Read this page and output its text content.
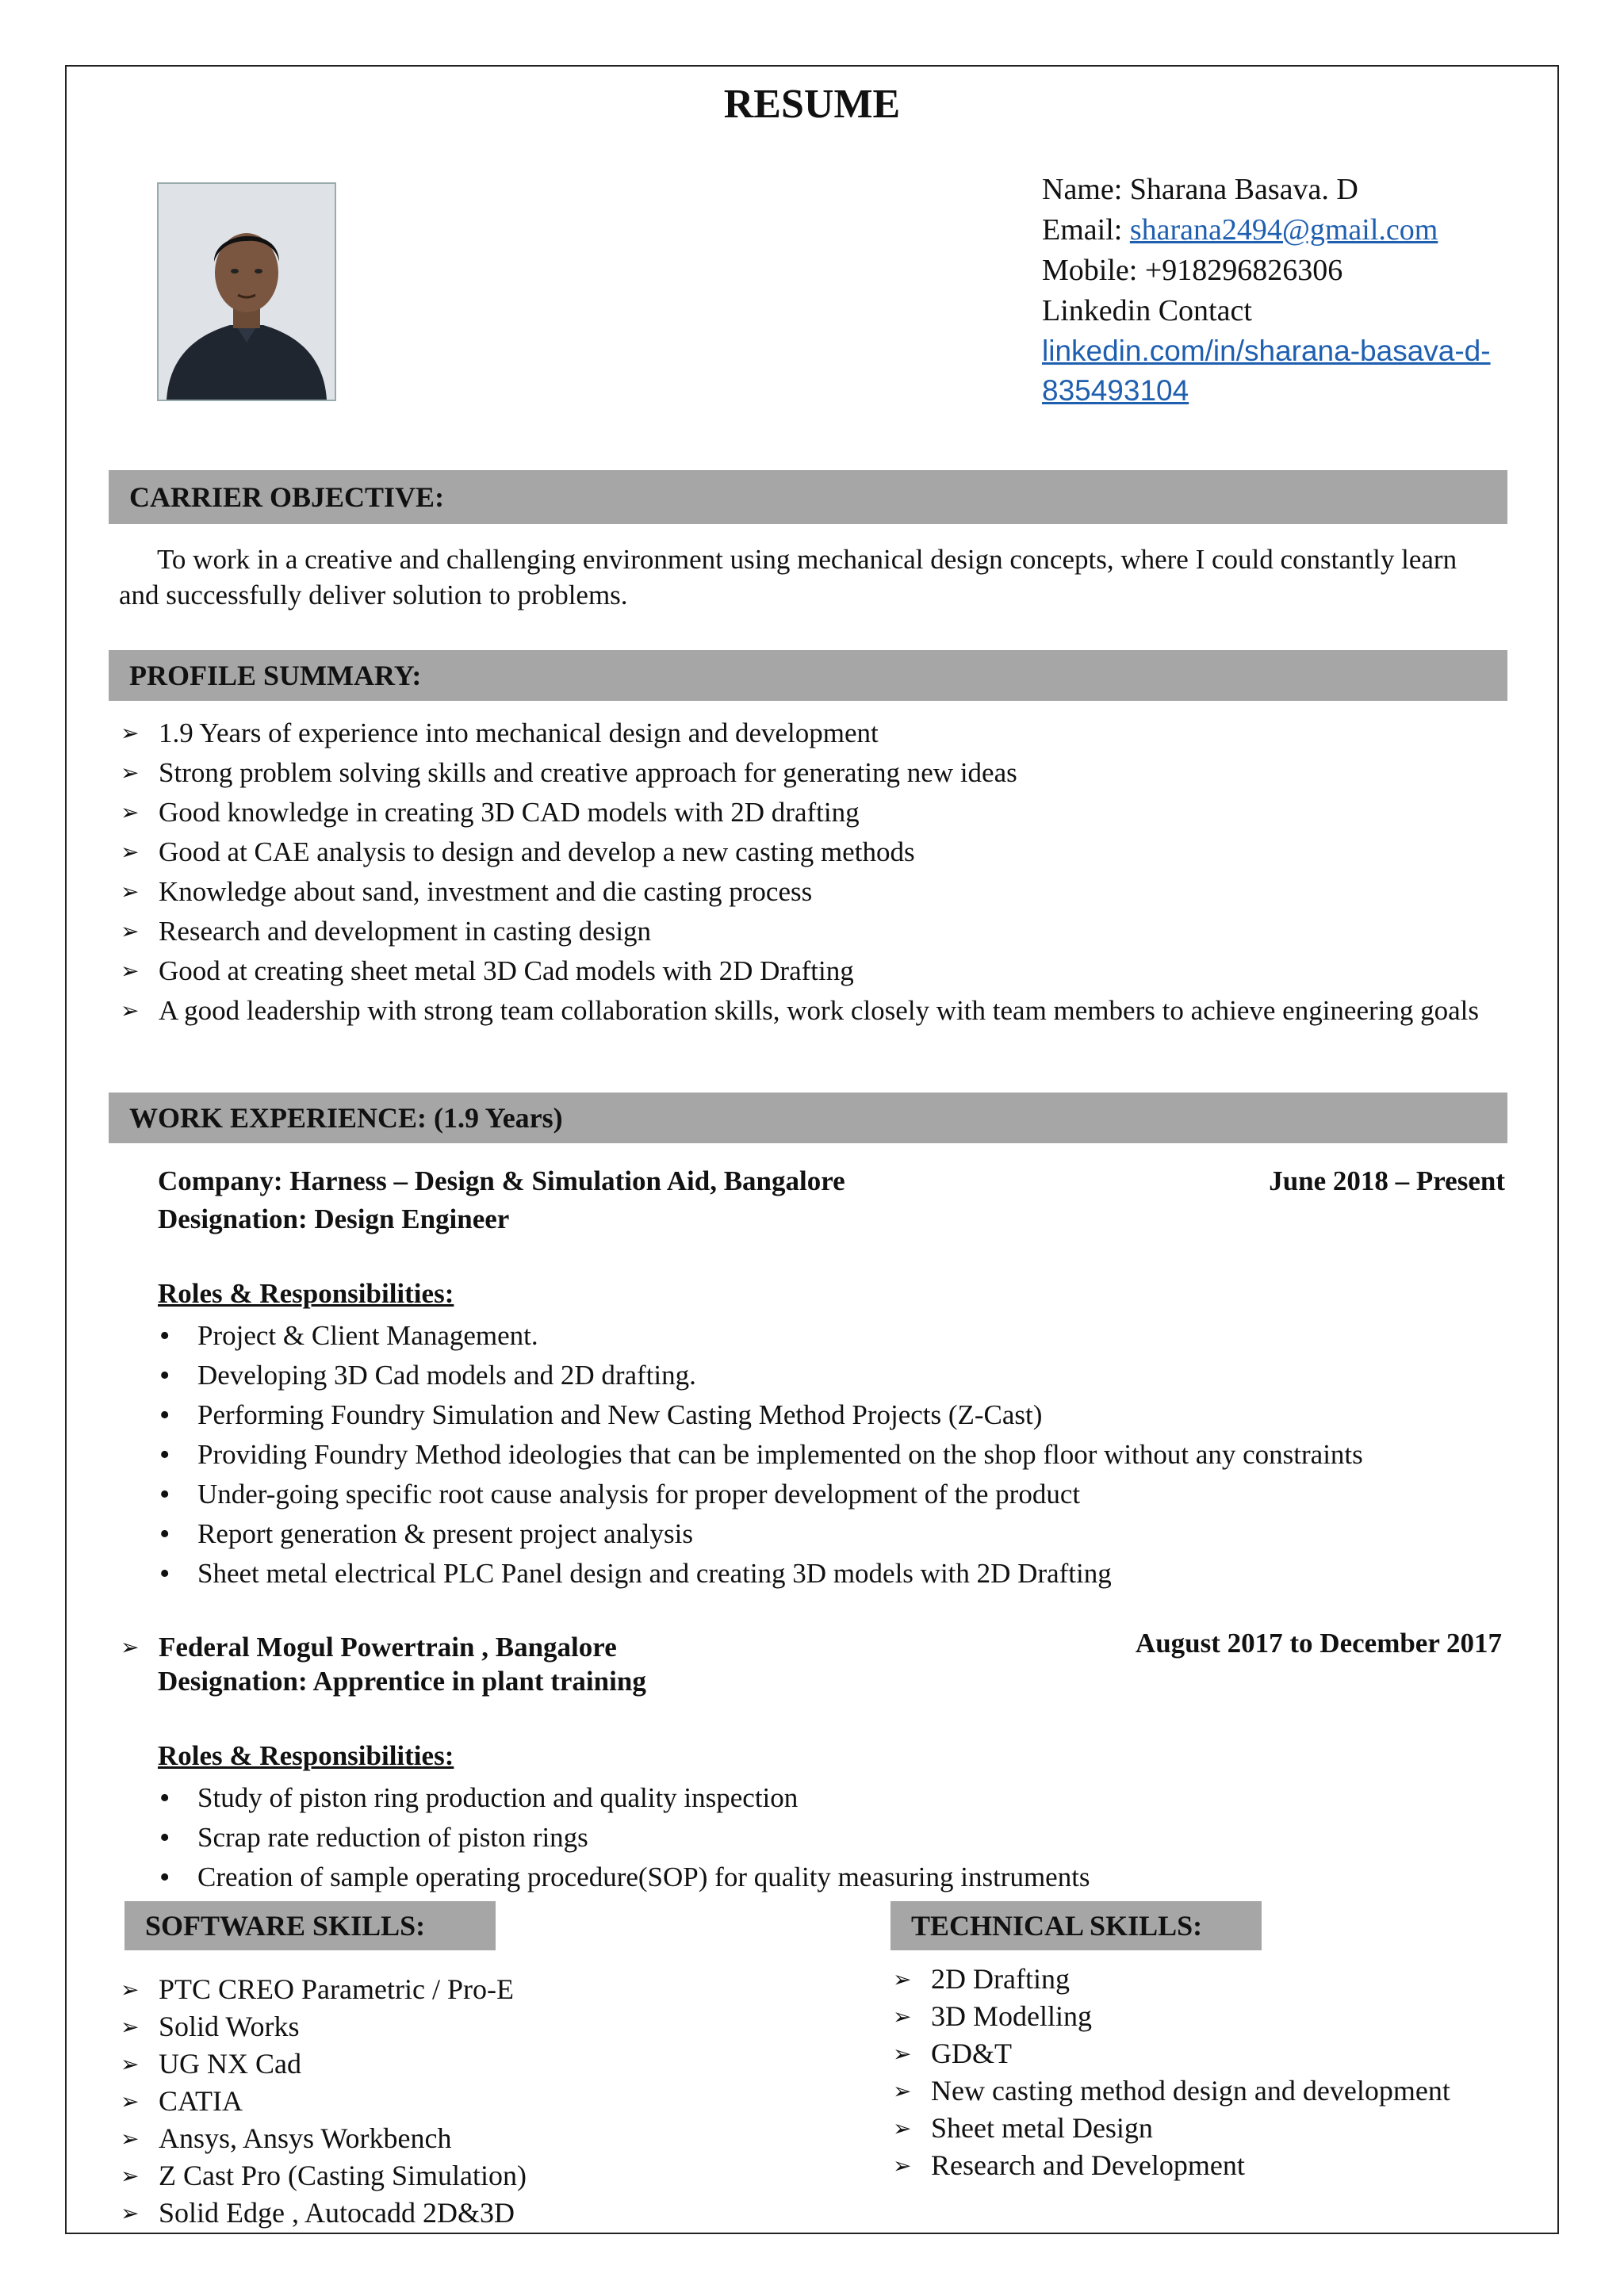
RESUME
Name: Sharana Basava. D
Email: sharana2494@gmail.com
Mobile: +918296826306
Linkedin Contact
linkedin.com/in/sharana-basava-d-
835493104
CARRIER OBJECTIVE:
To work in a creative and challenging environment using mechanical design concepts, where I could constantly learn and successfully deliver solution to problems.
PROFILE SUMMARY:
➢ 1.9 Years of experience into mechanical design and development
➢ Strong problem solving skills and creative approach for generating new ideas
➢ Good knowledge in creating 3D CAD models with 2D drafting
➢ Good at CAE analysis to design and develop a new casting methods
➢ Knowledge about sand, investment and die casting process
➢ Research and development in casting design
➢ Good at creating sheet metal 3D Cad models with 2D Drafting
➢ A good leadership with strong team collaboration skills, work closely with team members to achieve engineering goals
WORK EXPERIENCE: (1.9 Years)
Company: Harness – Design & Simulation Aid, Bangalore	June 2018 – Present
Designation: Design Engineer
Roles & Responsibilities:
• Project & Client Management.
• Developing 3D Cad models and 2D drafting.
• Performing Foundry Simulation and New Casting Method Projects (Z-Cast)
• Providing Foundry Method ideologies that can be implemented on the shop floor without any constraints
• Under-going specific root cause analysis for proper development of the product
• Report generation & present project analysis
• Sheet metal electrical PLC Panel design and creating 3D models with 2D Drafting
➢ Federal Mogul Powertrain , Bangalore	August 2017 to December 2017
Designation: Apprentice in plant training
Roles & Responsibilities:
• Study of piston ring production and quality inspection
• Scrap rate reduction of piston rings
• Creation of sample operating procedure(SOP) for quality measuring instruments
SOFTWARE SKILLS:
➢ PTC CREO Parametric / Pro-E
➢ Solid Works
➢ UG NX Cad
➢ CATIA
➢ Ansys, Ansys Workbench
➢ Z Cast Pro (Casting Simulation)
➢ Solid Edge , Autocadd 2D&3D
TECHNICAL SKILLS:
➢ 2D Drafting
➢ 3D Modelling
➢ GD&T
➢ New casting method design and development
➢ Sheet metal Design
➢ Research and Development
